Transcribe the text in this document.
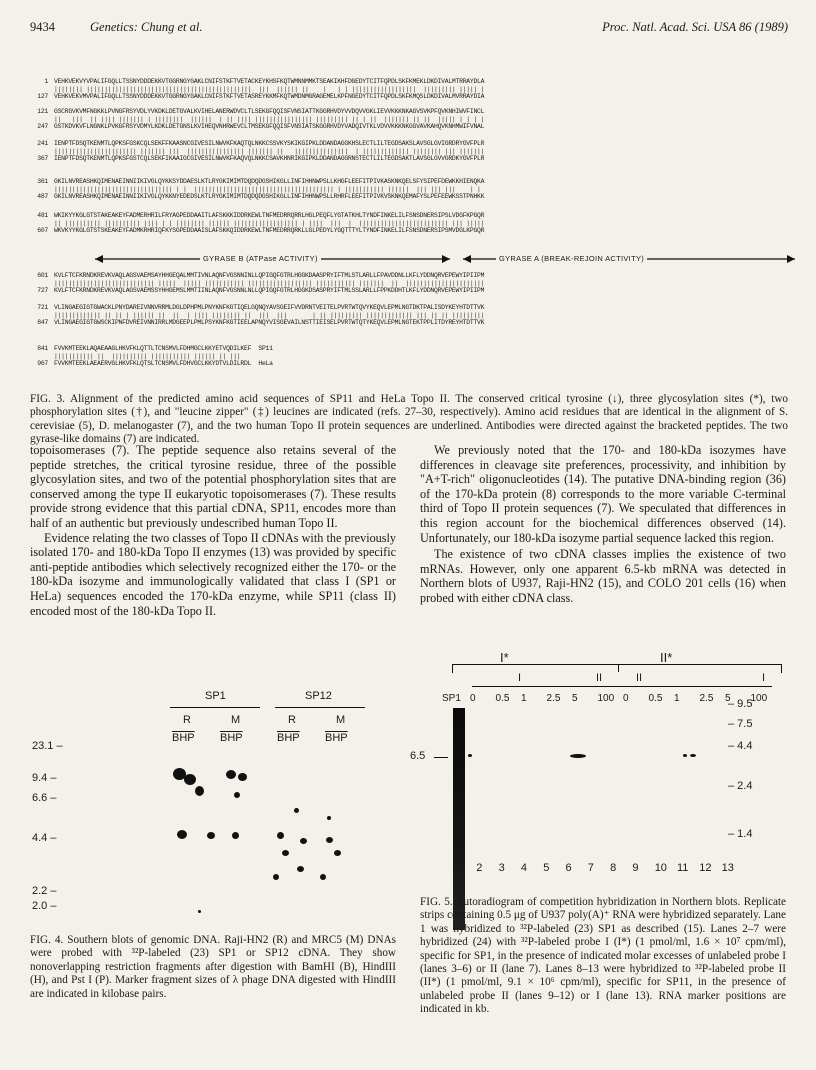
9434	Genetics: Chung et al.	Proc. Natl. Acad. Sci. USA 86 (1989)
1 VEHKVEKVYVPALIFGQLLTSSNYDDDEKKVTGGRNGYGAKLCNIFSTKFTVETACKEYKHSFKQTWMNNMMKTSEAKIKHFDGEDYTCITFQPDLSKFKMEKLDKDIVALMTRRAYDLA
|||||||| ||||||||||||||||||||||||||||||||||||||||||||||  |||  |||||| ||    |   | | ||||||||||||||||||  ||||||||| ||||| |
127 VEHKVEKVMVPALIFGQLLTSSNYDDDEKKVTGGRNGYGAKLCNIFSTKFTVETASREYKKMFKQTWMDNMGRAGEMELKPFNGEDYTCITFQPDLSKFKMQSLDKDIVALMVRRAYDIA
121 GSCRGVKVMFNGKKLPVNGFRSYVDLYVKDKLDETGVALKVIHELANERWDVCLTLSEKGFQQISFVNSIATTKGGRHVDYVVDQVVGKLIEVVKKKNKAGVSVKPFQVKNHIWVFINCL
||   |||  || |||| ||||||| | ||||||||  ||||||  | || |||| |||||||||||||||| ||||||||| || | ||  ||||||| || ||  ||||| | | | |
247 GSTKDVKVFLNGNKLPVKGFRSYVDMYLKDKLDETGNSLKVIHEQVNHRWEVCLTMSEKGFQQISFVNSIATSKGGRHVDYVADQIVTKLVDVVKKKNKGGVAVKAHQVKNHMWIFVNAL
241 IENPTFDSQTKENMTLQPKSFGSKCQLSEKFFKAASNCGIVESILNWVKFKAQTQLNKKCSSVKYSKIKGIPKLDDANDAGGKHSLECTLILTEGDSAKSLAVSGLGVIGRDRYGVFPLR
||||||||||||||||||||||| ||||||| |||  |||||||||||||||| ||||||| ||   |||||||||||||||  | ||||||||||||| |||||||| ||| |||||||
367 IENPTFDSQTKENMTLQPKSFGSTCQLSEKFIKAAIGCGIVESILNWVKFKAQVQLNKKCSAVKHNRIKGIPKLDDANDAGGRNSTECTLILTEGDSAKTLAVSGLGVVGRDKYGVFPLR
361 GKILNVREASHKQIMENAEINNIIKIVGLQYKKSYDDAESLKTLRYGKIMIMTDQDQDGSHIKGLLINFIHHNWPSLLKHGFLEEFITPIVKASKNKQELSFYSIPEFDEWKKHIENQKA
||||||||||||||||||||||||||||||||| | |  ||||||||||||||||||||||||||||||||||||||| | ||||||||||| ||||||  ||| ||| |||    | |
487 GKILNVREASHKQIMENAEINNIIKIVGLQYKKNYEDEDSLKTLRYGKIMIMTDQDQDGSHIKGLLINFIHHNWPSLLRHRFLEEFITPIVKVSKNKQEMAFYSLPEFEEWKSSTPNHKK
481 WKIKYYKGLGTSTAKEAKEYFADMERHRILFRYAGPEDDAAITLAFSKKKIDDRKEWLTNFMEDRRQRRLHGLPEQFLYGTATKHLTYNDFINKELILFSNSDNERSIPSLVDGFKPGQR
|| |||||||||| |||||||||| |||| | | |||||||| |||||| |||||||||||||||||| | ||||  |||  |  ||||||||||||||||||||||||| ||| |||||
607 WKVKYYKGLGTSTSKEAKEYFADMKRHRIQFKYSGPEDDAAISLAFSKKQIDDRKEWLTNFMEDRRQRKLLGLPEDYLYGQTTTYLTYNDFINKELILFSNSDNERSIPSMVDGLKPGQR
601 KVLFTCFKRNDKREVKVAQLAGSVAEMSAYHHGEQALMMTIVNLAQNFVGSNNINLLQPIGQFGTRLHGGKDAASPRYIFTMLSTLARLLFPAVDDNLLKFLYDDNQRVEPEWYIPIIPM
|||||||||||||||||||||||||||| |||||  ||||| ||||||||||| |||||||||||||||||| ||||||||||| |||||||  ||  ||||||||||||||||||||||
727 KVLFTCFKRNDKREVKVAQLAGSVAEMSSYHHGEMSLMMTIINLAQNFVGSNNLNLLQPIGQFGTRLHGGKDSASPRYIFTMLSSLARLLFPPKDDHTLKFLYDDNQRVEPEWYIPIIPM
721 VLINGAEGIGTGWACKLPNYDAREIVNNVRRMLDGLDPHPMLPNYKNFKGTIQELGQNQYAVSGEIFVVDRNTVEITELPVRTWTQVYKEQVLEPMLNGTDKTPALISDYKEYHTDTTVK
||||||||||||| || || | |||||| ||  ||  | |||| |||||||| ||  |||  |||       | || ||||||||| ||||||||||||| ||| || || |||||||||
847 VLINGAEGIGTGWSCKIPNFDVREIVNNIRRLMDGEEPLPMLPSYKNFKGTIEELAPNQYVISGEVAILNSTTIEISELPVRTWTQTYKEQVLEPMLNGTEKTPPLITDYREYHTDTTVK
841 FVVKMTEEKLAQAEAAGLHKVFKLQTTLTCNSMVLFDHMGCLKKYETVQDILKEF  SP11
||||||||||| ||  |||||||||| ||||||||||| |||||| || |||
967 FVVKMTEEKLAEAERVGLHKVFKLQTSLTCNSMVLFDHVGCLKKYDTVLDILRDL  HeLa
GYRASE B (ATPase ACTIVITY)	GYRASE A (BREAK-REJOIN ACTIVITY)
FIG. 3. Alignment of the predicted amino acid sequences of SP11 and HeLa Topo II. The conserved critical tyrosine (↓), three glycosylation sites (*), two phosphorylation sites (†), and "leucine zipper" (‡) leucines are indicated (refs. 27–30, respectively). Amino acid residues that are identical in the alignment of S. cerevisiae (5), D. melanogaster (7), and the two human Topo II protein sequences are underlined. Antibodies were directed against the bracketed peptides. The two gyrase-like domains (7) are indicated.

topoisomerases (7). The peptide sequence also retains several of the peptide stretches, the critical tyrosine residue, three of the possible glycosylation sites, and two of the potential phosphorylation sites that are conserved among the type II eukaryotic topoisomerases (7). These results provide strong evidence that this partial cDNA, SP11, encodes more than half of an authentic but previously undescribed human Topo II.

Evidence relating the two classes of Topo II cDNAs with the previously isolated 170- and 180-kDa Topo II enzymes (13) was provided by specific anti-peptide antibodies which selectively recognized either the 170- or the 180-kDa isozyme and immunologically validated that class I (SP1 or HeLa) sequences encoded the 170-kDa enzyme, while SP11 (class II) encoded most of the 180-kDa Topo II.

We previously noted that the 170- and 180-kDa isozymes have differences in cleavage site preferences, processivity, and inhibition by "A+T-rich" oligonucleotides (14). The putative DNA-binding region (36) of the 170-kDa protein (8) corresponds to the more variable C-terminal third of Topo II protein sequences (7). We speculated that differences in this region account for the biochemical differences observed (14). Unfortunately, our 180-kDa isozyme partial sequence lacked this region.

The existence of two cDNA classes implies the existence of two mRNAs. However, only one apparent 6.5-kb mRNA was detected in Northern blots of U937, Raji-HN2 (15), and COLO 201 cells (16) when probed with either cDNA class.

SP1	SP12
R	M	R	M
$\overline{BHP}$ $\overline{BHP}$	$\overline{BHP}$ $\overline{BHP}$
23.1 –
9.4 –
6.6 –
4.4 –
2.2 –
2.0 –
FIG. 4. Southern blots of genomic DNA. Raji-HN2 (R) and MRC5 (M) DNAs were probed with ³²P-labeled (23) SP1 or SP12 cDNA. They show nonoverlapping restriction fragments after digestion with BamHI (B), HindIII (H), and Pst I (P). Marker fragment sizes of λ phage DNA digested with HindIII are indicated in kilobase pairs.
I*	II*
I	II	II	I
SP1 0 0.5 1 2.5 5 100 0 0.5 1 2.5 5 100
6.5
– 9.5
– 7.5
– 4.4
– 2.4
– 1.4
1 2 3 4 5 6 7 8 9 10 11 12 13
FIG. 5. Autoradiogram of competition hybridization in Northern blots. Replicate strips containing 0.5 μg of U937 poly(A)⁺ RNA were hybridized separately. Lane 1 was hybridized to ³²P-labeled (23) SP1 as described (15). Lanes 2–7 were hybridized (24) with ³²P-labeled probe I (I*) (1 pmol/ml, 1.6 × 10⁷ cpm/ml), specific for SP1, in the presence of indicated molar excesses of unlabeled probe I (lanes 3–6) or II (lane 7). Lanes 8–13 were hybridized to ³²P-labeled probe II (II*) (1 pmol/ml, 9.1 × 10⁶ cpm/ml), specific for SP11, in the presence of unlabeled probe II (lanes 9–12) or I (lane 13). RNA marker positions are indicated in kb.
